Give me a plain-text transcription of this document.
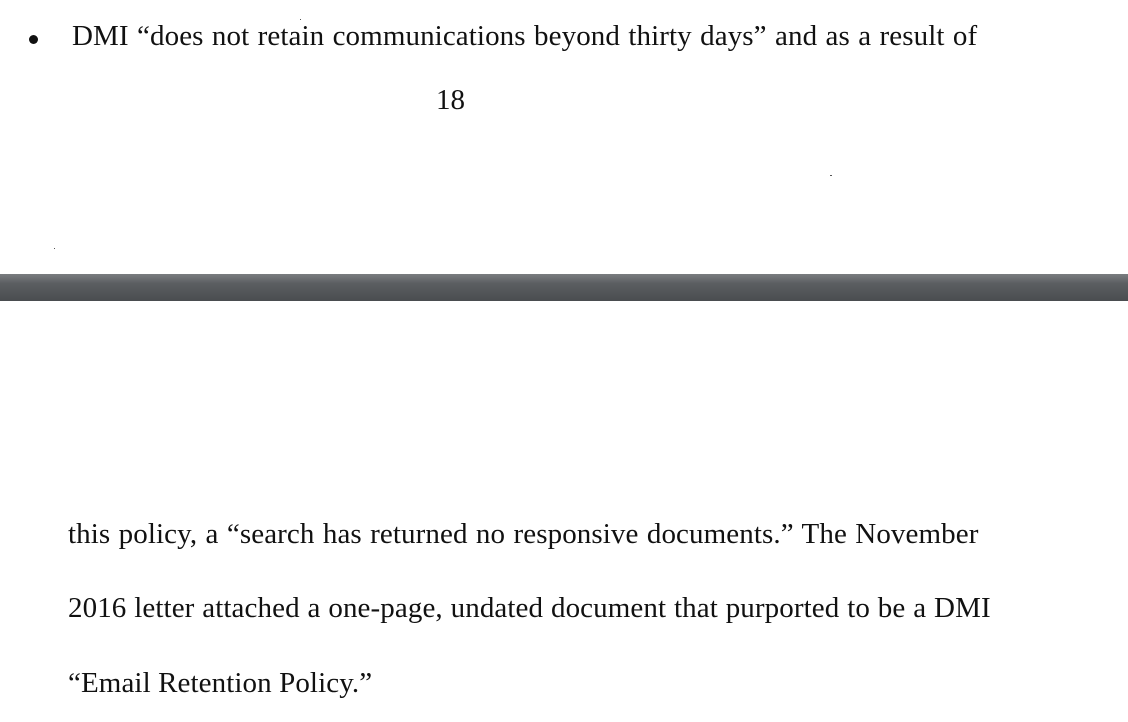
DMI “does not retain communications beyond thirty days” and as a result of
18
this policy, a “search has returned no responsive documents.” The November
2016 letter attached a one-page, undated document that purported to be a DMI
“Email Retention Policy.”
